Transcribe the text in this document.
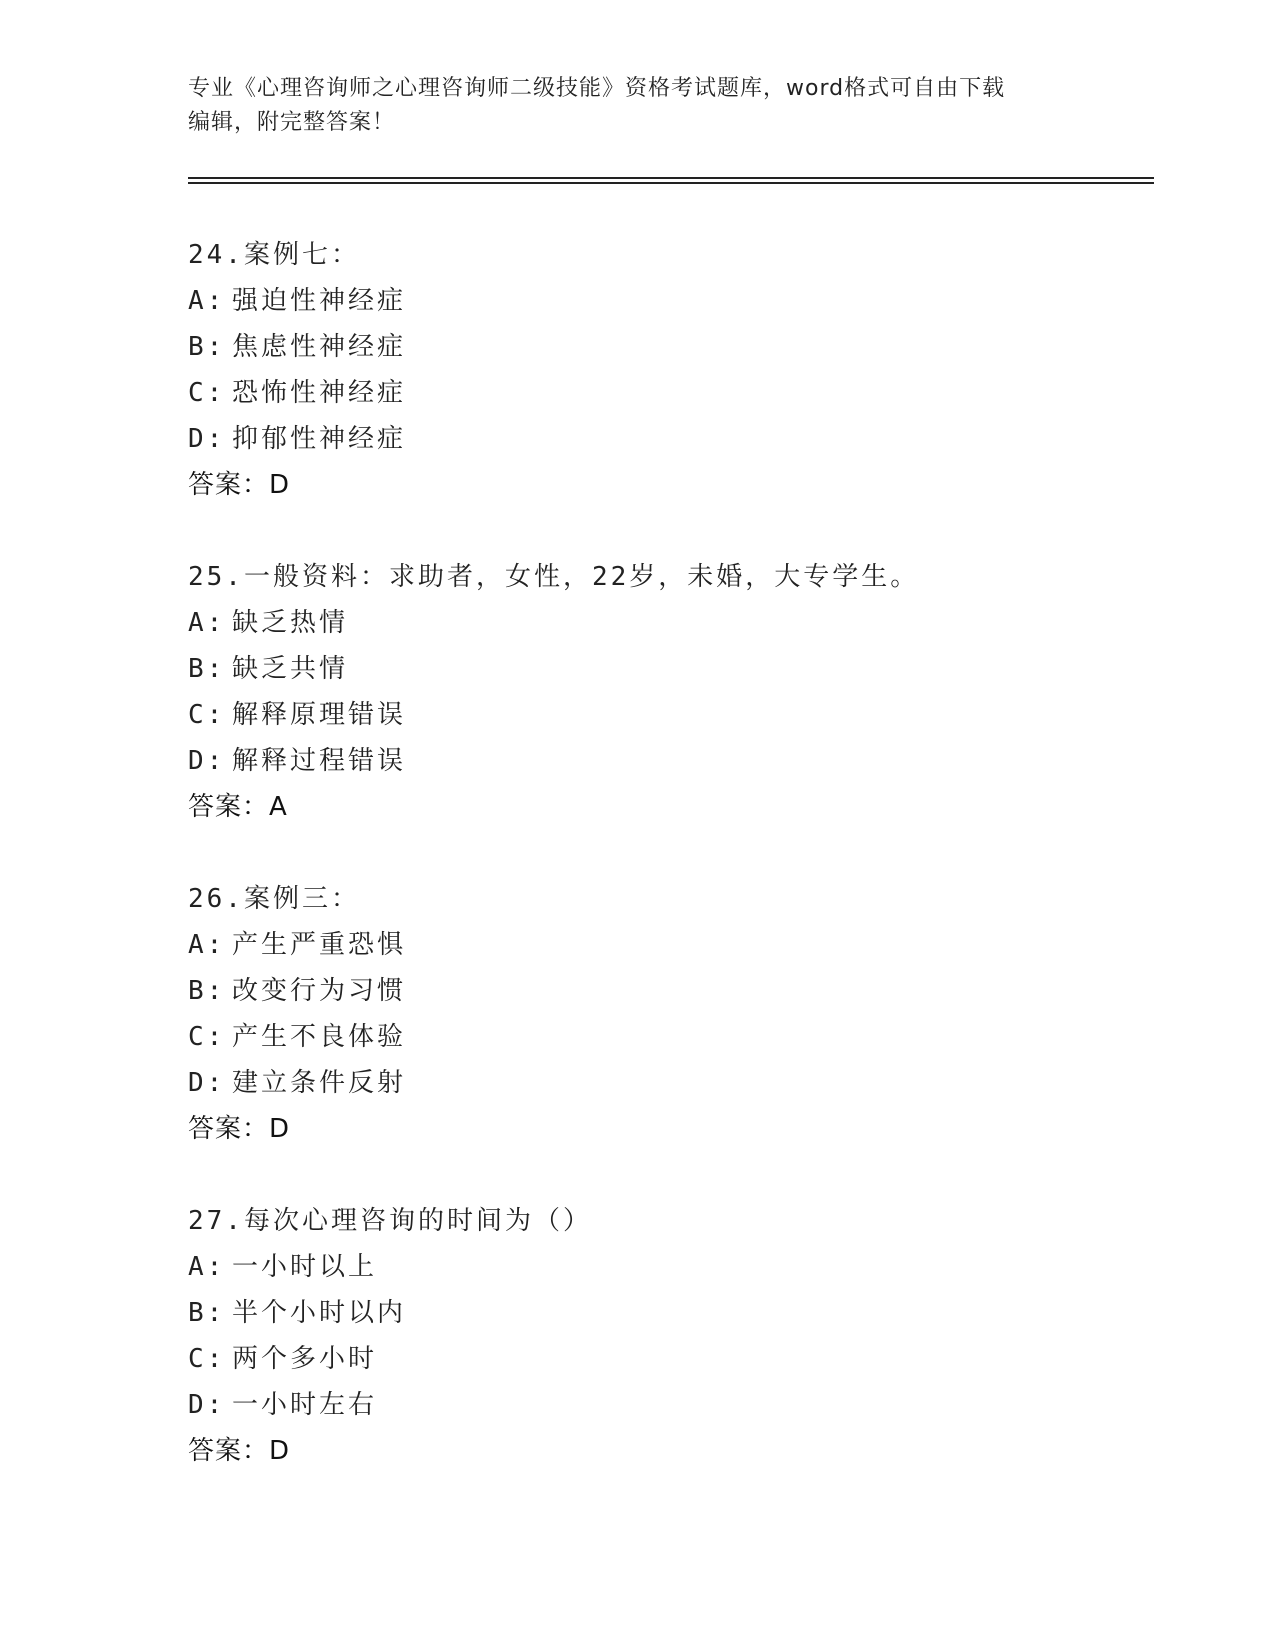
专业《心理咨询师之心理咨询师二级技能》资格考试题库，word格式可自由下载
编辑，附完整答案！
24.案例七：
A: 强迫性神经症
B: 焦虑性神经症
C: 恐怖性神经症
D: 抑郁性神经症
答案：D
25.一般资料：求助者，女性，22岁，未婚，大专学生。
A: 缺乏热情
B: 缺乏共情
C: 解释原理错误
D: 解释过程错误
答案：A
26.案例三：
A: 产生严重恐惧
B: 改变行为习惯
C: 产生不良体验
D: 建立条件反射
答案：D
27.每次心理咨询的时间为（）
A: 一小时以上
B: 半个小时以内
C: 两个多小时
D: 一小时左右
答案：D
